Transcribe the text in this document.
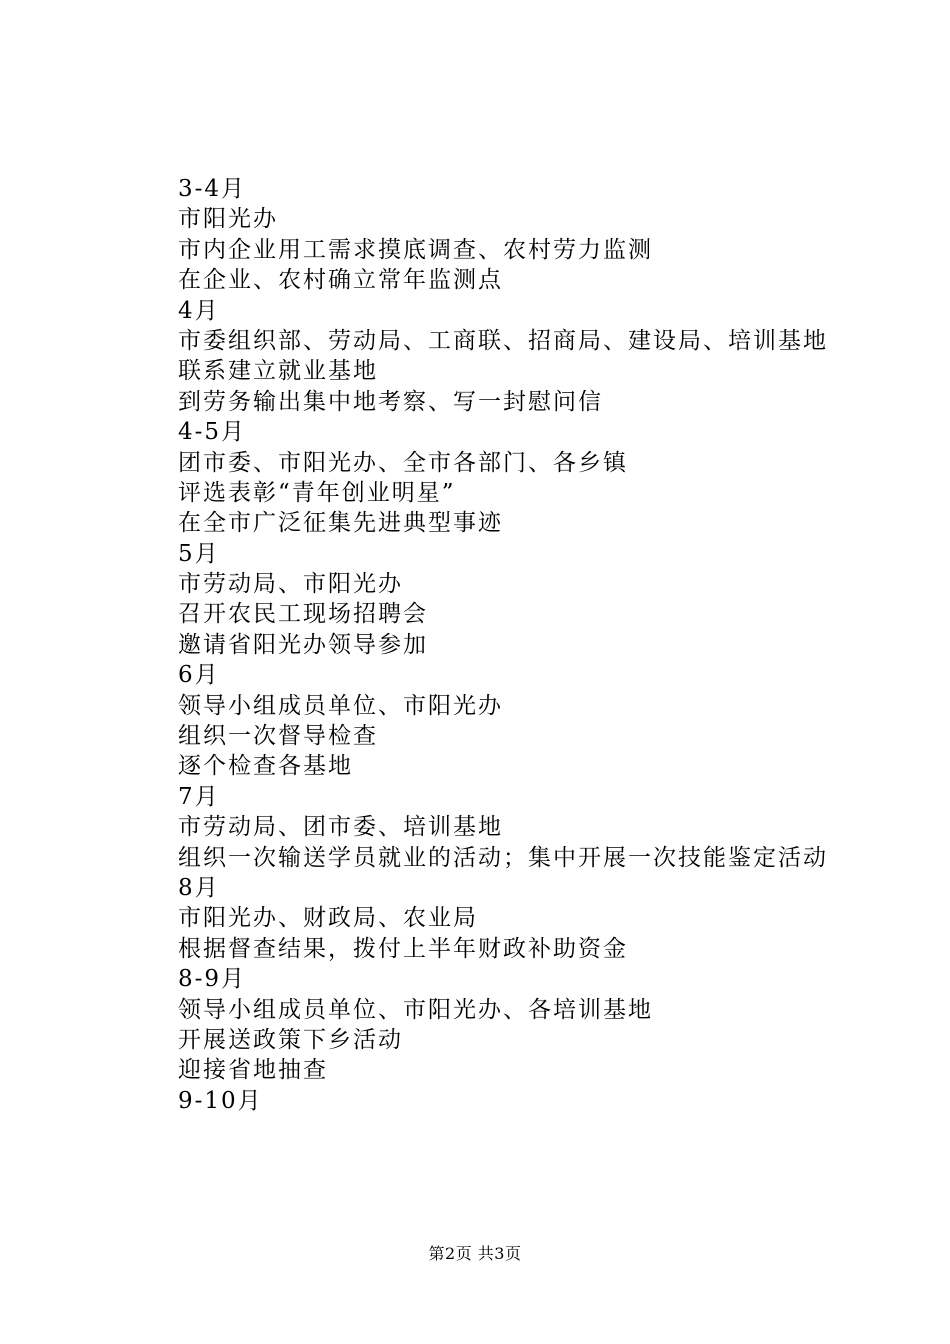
3-4月
市阳光办
市内企业用工需求摸底调查、农村劳力监测
在企业、农村确立常年监测点
4月
市委组织部、劳动局、工商联、招商局、建设局、培训基地
联系建立就业基地
到劳务输出集中地考察、写一封慰问信
4-5月
团市委、市阳光办、全市各部门、各乡镇
评选表彰“青年创业明星”
在全市广泛征集先进典型事迹
5月
市劳动局、市阳光办
召开农民工现场招聘会
邀请省阳光办领导参加
6月
领导小组成员单位、市阳光办
组织一次督导检查
逐个检查各基地
7月
市劳动局、团市委、培训基地
组织一次输送学员就业的活动；集中开展一次技能鉴定活动
8月
市阳光办、财政局、农业局
根据督查结果，拨付上半年财政补助资金
8-9月
领导小组成员单位、市阳光办、各培训基地
开展送政策下乡活动
迎接省地抽查
9-10月
第2页 共3页
